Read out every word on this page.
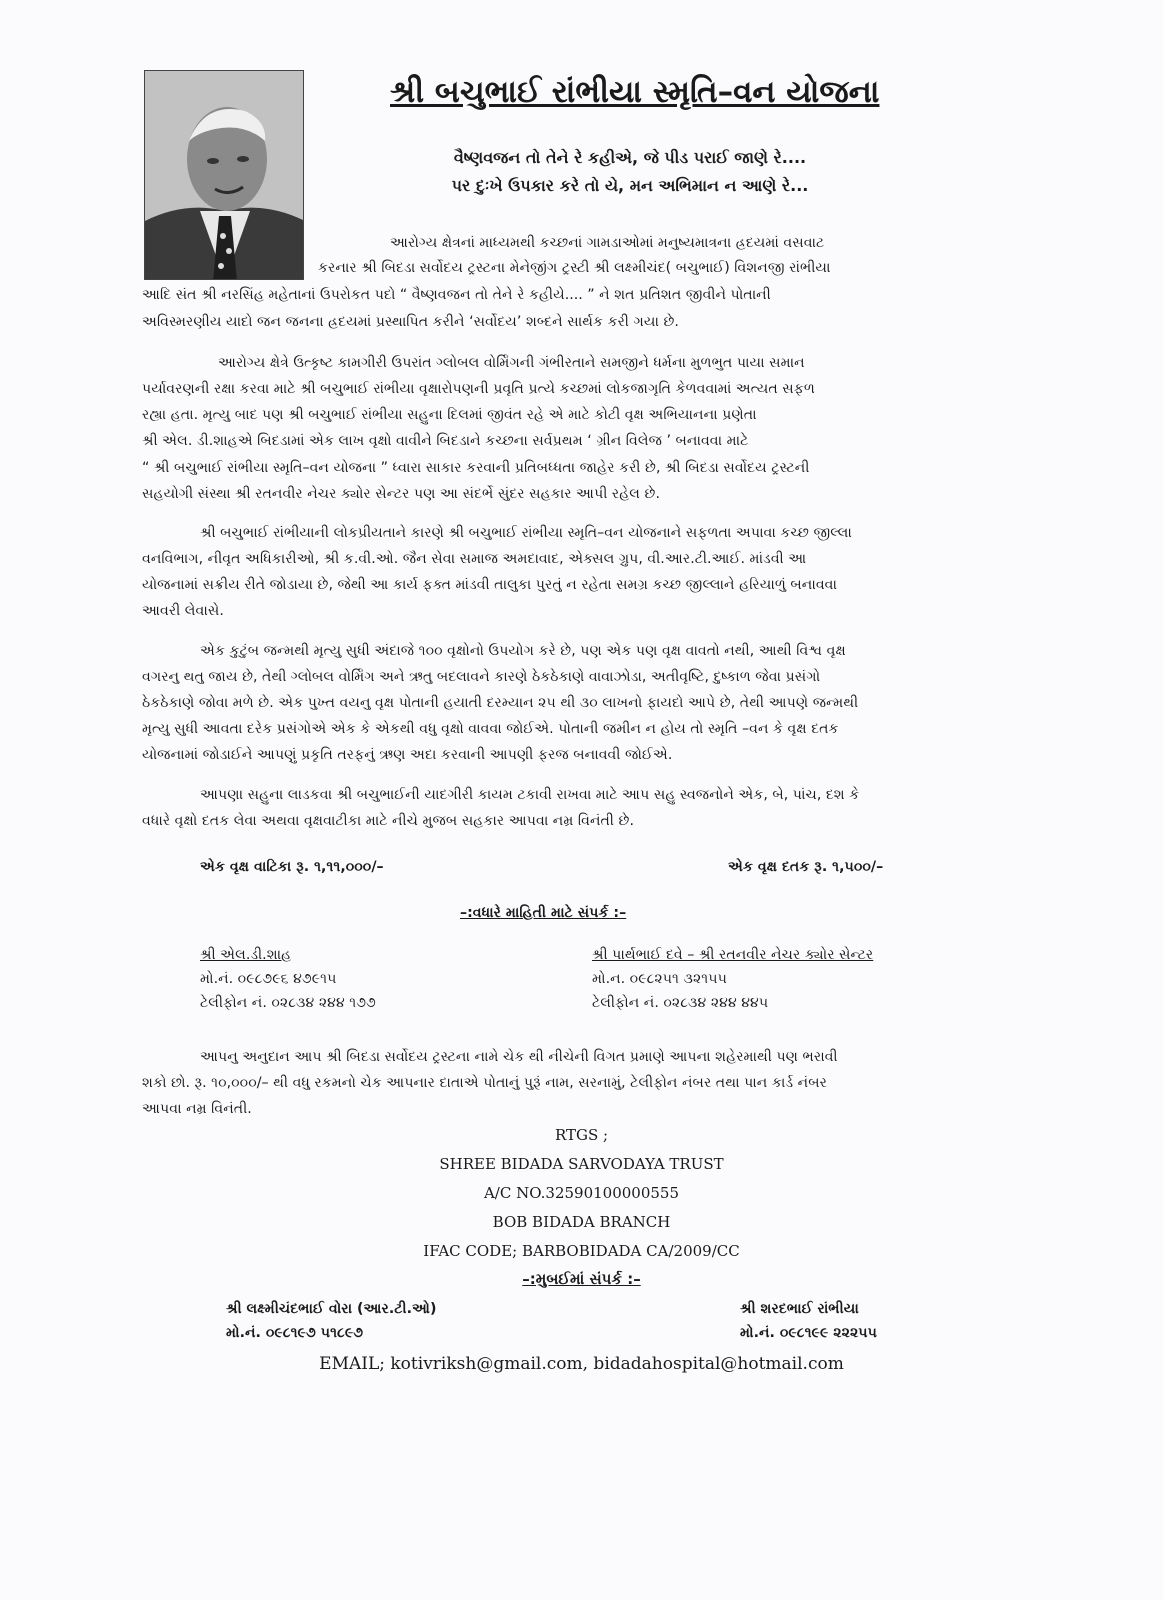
શ્રી બચુભાઈ રાંભીયા સ્મૃતિ–વન યોજના
વૈષ્ણવજન તો તેને રે કહીએ, જે પીડ પરાઈ જાણે રે....
પર દુઃખે ઉપકાર કરે તો યે, મન અભિમાન ન આણે રે...
આરોગ્ય ક્ષેત્રનાં માધ્યમથી કચ્છનાં ગામડાઓમાં મનુષ્યમાત્રના હ્રદયમાં વસવાટ
કરનાર શ્રી બિદડા સર્વોદય ટ્રસ્ટના મેનેજીંગ ટ્રસ્ટી શ્રી લક્ષ્મીચંદ( બચુભાઈ) વિશનજી રાંભીયા
આદિ સંત શ્રી નરસિંહ મહેતાનાં ઉપરોકત પદો “ વૈષ્ણવજન તો તેને રે કહીયે.... ” ને શત પ્રતિશત જીવીને પોતાની
અવિસ્મરણીય યાદો જન જનના હ્રદયમાં પ્રસ્થાપિત કરીને ‘સર્વોદય’ શબ્દને સાર્થક કરી ગયા છે.
આરોગ્ય ક્ષેત્રે ઉત્કૃષ્ટ કામગીરી ઉપરાંત ગ્લોબલ વોર્મિંગની ગંભીરતાને સમજીને ધર્મના મુળભુત પાયા સમાન
પર્યાવરણની રક્ષા કરવા માટે શ્રી બચુભાઈ રાંભીયા વૃક્ષારોપણની પ્રવૃતિ પ્રત્યે કચ્છમાં લોકજાગૃતિ કેળવવામાં અત્યત સફળ
રહ્યા હતા. મૃત્યુ બાદ પણ શ્રી બચુભાઈ રાંભીયા સહુના દિલમાં જીવંત રહે એ માટે કોટી વૃક્ષ અભિયાનના પ્રણેતા
શ્રી એલ. ડી.શાહએ બિદડામાં એક લાખ વૃક્ષો વાવીને બિદડાને કચ્છના સર્વપ્રથમ ‘ ગ્રીન વિલેજ ’ બનાવવા માટે
“ શ્રી બચુભાઈ રાંભીયા સ્મૃતિ–વન યોજના ” ધ્વારા સાકાર કરવાની પ્રતિબધ્ધતા જાહેર કરી છે, શ્રી બિદડા સર્વોદય ટ્રસ્ટની
સહયોગી સંસ્થા શ્રી રતનવીર નેચર ક્યોર સેન્ટર પણ આ સંદર્ભે સુંદર સહકાર આપી રહેલ છે.
શ્રી બચુભાઈ રાંભીયાની લોકપ્રીયતાને કારણે શ્રી બચુભાઈ રાંભીયા સ્મૃતિ–વન યોજનાને સફળતા અપાવા કચ્છ જીલ્લા
વનવિભાગ, નીવૃત અધિકારીઓ, શ્રી ક.વી.ઓ. જૈન સેવા સમાજ અમદાવાદ, એક્સલ ગ્રુપ, વી.આર.ટી.આઈ. માંડવી આ
યોજનામાં સક્રીય રીતે જોડાયા છે, જેથી આ કાર્ય ફક્ત માંડવી તાલુકા પુરતું ન રહેતા સમગ્ર કચ્છ જીલ્લાને હરિયાળું બનાવવા
આવરી લેવાસે.
એક કુટુંબ જન્મથી મૃત્યુ સુધી અંદાજે ૧૦૦ વૃક્ષોનો ઉપયોગ કરે છે, પણ એક પણ વૃક્ષ વાવતો નથી, આથી વિશ્વ વૃક્ષ
વગરનુ થતુ જાય છે, તેથી ગ્લોબલ વોર્મિંગ અને ઋતુ બદલાવને કારણે ઠેકઠેકાણે વાવાઝોડા, અતીવૃષ્ટિ, દુષ્કાળ જેવા પ્રસંગો
ઠેકઠેકાણે જોવા મળે છે. એક પુખ્ત વયનુ વૃક્ષ પોતાની હયાતી દરમ્યાન ૨૫ થી ૩૦ લાખનો ફાયદો આપે છે, તેથી આપણે જન્મથી
મૃત્યુ સુધી આવતા દરેક પ્રસંગોએ એક કે એકથી વધુ વૃક્ષો વાવવા જોઈએ. પોતાની જમીન ન હોય તો સ્મૃતિ –વન કે વૃક્ષ દતક
યોજનામાં જોડાઈને આપણું પ્રકૃતિ તરફનું ઋણ અદા કરવાની આપણી ફરજ બનાવવી જોઈએ.
આપણા સહુના લાડકવા શ્રી બચુભાઈની યાદગીરી કાયમ ટકાવી રાખવા માટે આપ સહુ સ્વજનોને એક, બે, પાંચ, દશ કે
વધારે વૃક્ષો દતક લેવા અથવા વૃક્ષવાટીકા માટે નીચે મુજબ સહકાર આપવા નમ્ર વિનંતી છે.
એક વૃક્ષ વાટિકા રૂ. ૧,૧૧,૦૦૦/–	એક વૃક્ષ દતક રૂ. ૧,૫૦૦/–
–:વધારે માહિતી માટે સંપર્ક :–
શ્રી એલ.ડી.શાહ
મો.નં. ૦૯૮૭૯૬ ૪૭૯૧૫
ટેલીફોન નં. ૦૨૮૩૪ ૨૪૪ ૧૭૭
શ્રી પાર્થભાઈ દવે – શ્રી રતનવીર નેચર ક્યોર સેન્ટર
મો.ન. ૦૯૮૨૫૧ ૩૨૧૫૫
ટેલીફોન નં. ૦૨૮૩૪ ૨૪૪ ૪૪૫
આપનુ અનુદાન આપ શ્રી બિદડા સર્વોદય ટ્રસ્ટના નામે ચેક થી નીચેની વિગત પ્રમાણે આપના શહેરમાથી પણ ભરાવી
શકો છો. રૂ. ૧૦,૦૦૦/– થી વધુ રકમનો ચેક આપનાર દાતાએ પોતાનું પુરૂં નામ, સરનામું, ટેલીફોન નંબર તથા પાન કાર્ડ નંબર
આપવા નમ્ર વિનંતી.
RTGS ;
SHREE BIDADA SARVODAYA TRUST
A/C NO.32590100000555
BOB BIDADA BRANCH
IFAC CODE; BARBOBIDADA CA/2009/CC
–:મુબઈમાં સંપર્ક :–
શ્રી લક્ષ્મીચંદભાઈ વોરા (આર.ટી.ઓ)
મો.નં. ૦૯૮૧૯૭ ૫૧૮૯૭
શ્રી શરદભાઈ રાંભીયા
મો.નં. ૦૯૮૧૯૯ ૨૨૨૫૫
EMAIL; kotivriksh@gmail.com, bidadahospital@hotmail.com
